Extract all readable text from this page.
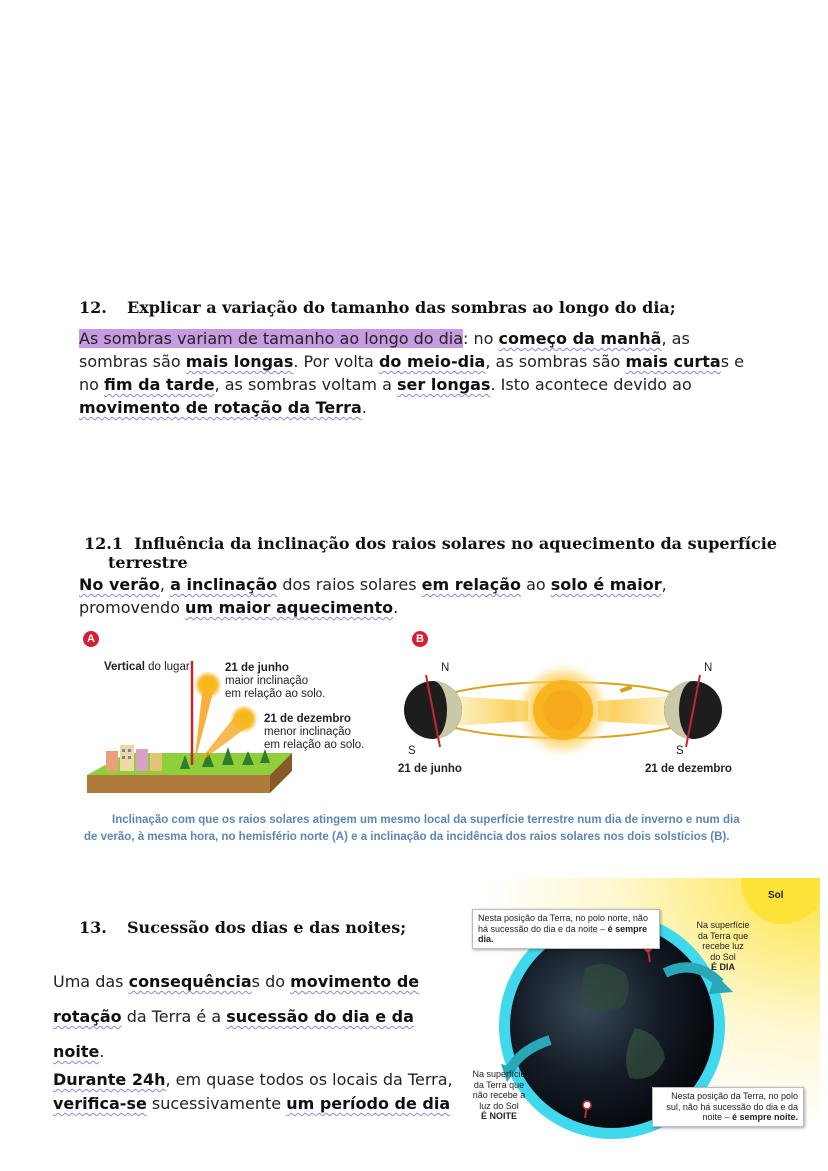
12. Explicar a variação do tamanho das sombras ao longo do dia;
As sombras variam de tamanho ao longo do dia: no começo da manhã, as sombras são mais longas. Por volta do meio-dia, as sombras são mais curtas e no fim da tarde, as sombras voltam a ser longas. Isto acontece devido ao movimento de rotação da Terra.
12.1 Influência da inclinação dos raios solares no aquecimento da superfície
terrestre
No verão, a inclinação dos raios solares em relação ao solo é maior, promovendo um maior aquecimento.
A
Vertical do lugar	21 de junho
maior inclinação
em relação ao solo.
21 de dezembro
menor inclinação
em relação ao solo.
B
N	N
S	S
21 de junho	21 de dezembro
Inclinação com que os raios solares atingem um mesmo local da superfície terrestre num dia de inverno e num dia
de verão, à mesma hora, no hemisfério norte (A) e a inclinação da incidência dos raios solares nos dois solstícios (B).
13. Sucessão dos dias e das noites;
Uma das consequências do movimento de
rotação da Terra é a sucessão do dia e da
noite.
Durante 24h, em quase todos os locais da Terra,
verifica-se sucessivamente um período de dia
Sol
Nesta posição da Terra, no polo norte, não há sucessão do dia e da noite – é sempre dia.
Na superfície
da Terra que
recebe luz
do Sol
É DIA
Na superfície
da Terra que
não recebe a
luz do Sol
É NOITE
Nesta posição da Terra, no polo sul, não há sucessão do dia e da noite – é sempre noite.
